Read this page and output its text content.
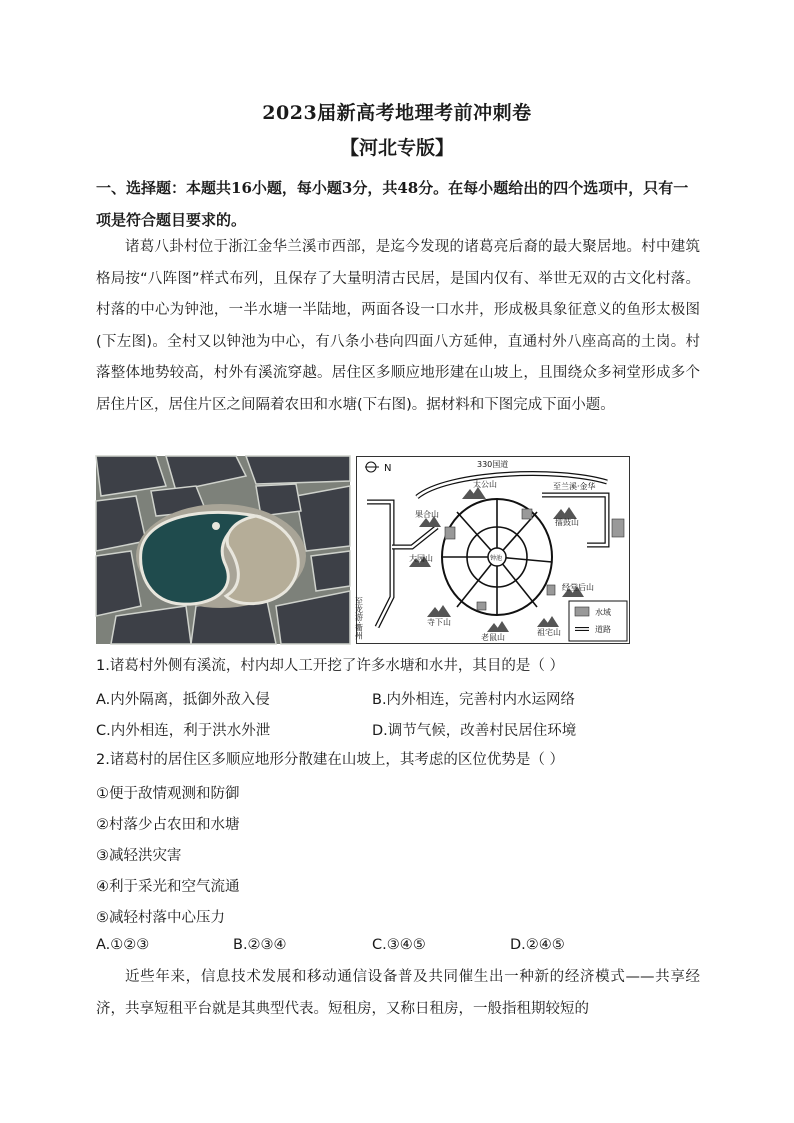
2023届新高考地理考前冲刺卷
【河北专版】
一、选择题：本题共16小题，每小题3分，共48分。在每小题给出的四个选项中，只有一项是符合题目要求的。
诸葛八卦村位于浙江金华兰溪市西部，是迄今发现的诸葛亮后裔的最大聚居地。村中建筑格局按“八阵图”样式布列，且保存了大量明清古民居，是国内仅有、举世无双的古文化村落。村落的中心为钟池，一半水塘一半陆地，两面各设一口水井，形成极具象征意义的鱼形太极图(下左图)。全村又以钟池为中心，有八条小巷向四面八方延伸，直通村外八座高高的土岗。村落整体地势较高，村外有溪流穿越。居住区多顺应地形建在山坡上，且围绕众多祠堂形成多个居住片区，居住片区之间隔着农田和水塘(下右图)。据材料和下图完成下面小题。
N	330国道
至兰溪·金华
至龙游·衢州
钟池
太公山
果合山
擂鼓山
大园山
经堂后山
寺下山
老鼠山
祖宅山
水域
道路
1.诸葛村外侧有溪流，村内却人工开挖了许多水塘和水井，其目的是（ ）
A.内外隔离，抵御外敌入侵	B.内外相连，完善村内水运网络
C.内外相连，利于洪水外泄	D.调节气候，改善村民居住环境
2.诸葛村的居住区多顺应地形分散建在山坡上，其考虑的区位优势是（ ）
①便于敌情观测和防御
②村落少占农田和水塘
③减轻洪灾害
④利于采光和空气流通
⑤减轻村落中心压力
A.①②③	B.②③④	C.③④⑤	D.②④⑤
近些年来，信息技术发展和移动通信设备普及共同催生出一种新的经济模式——共享经济，共享短租平台就是其典型代表。短租房，又称日租房，一般指租期较短的
